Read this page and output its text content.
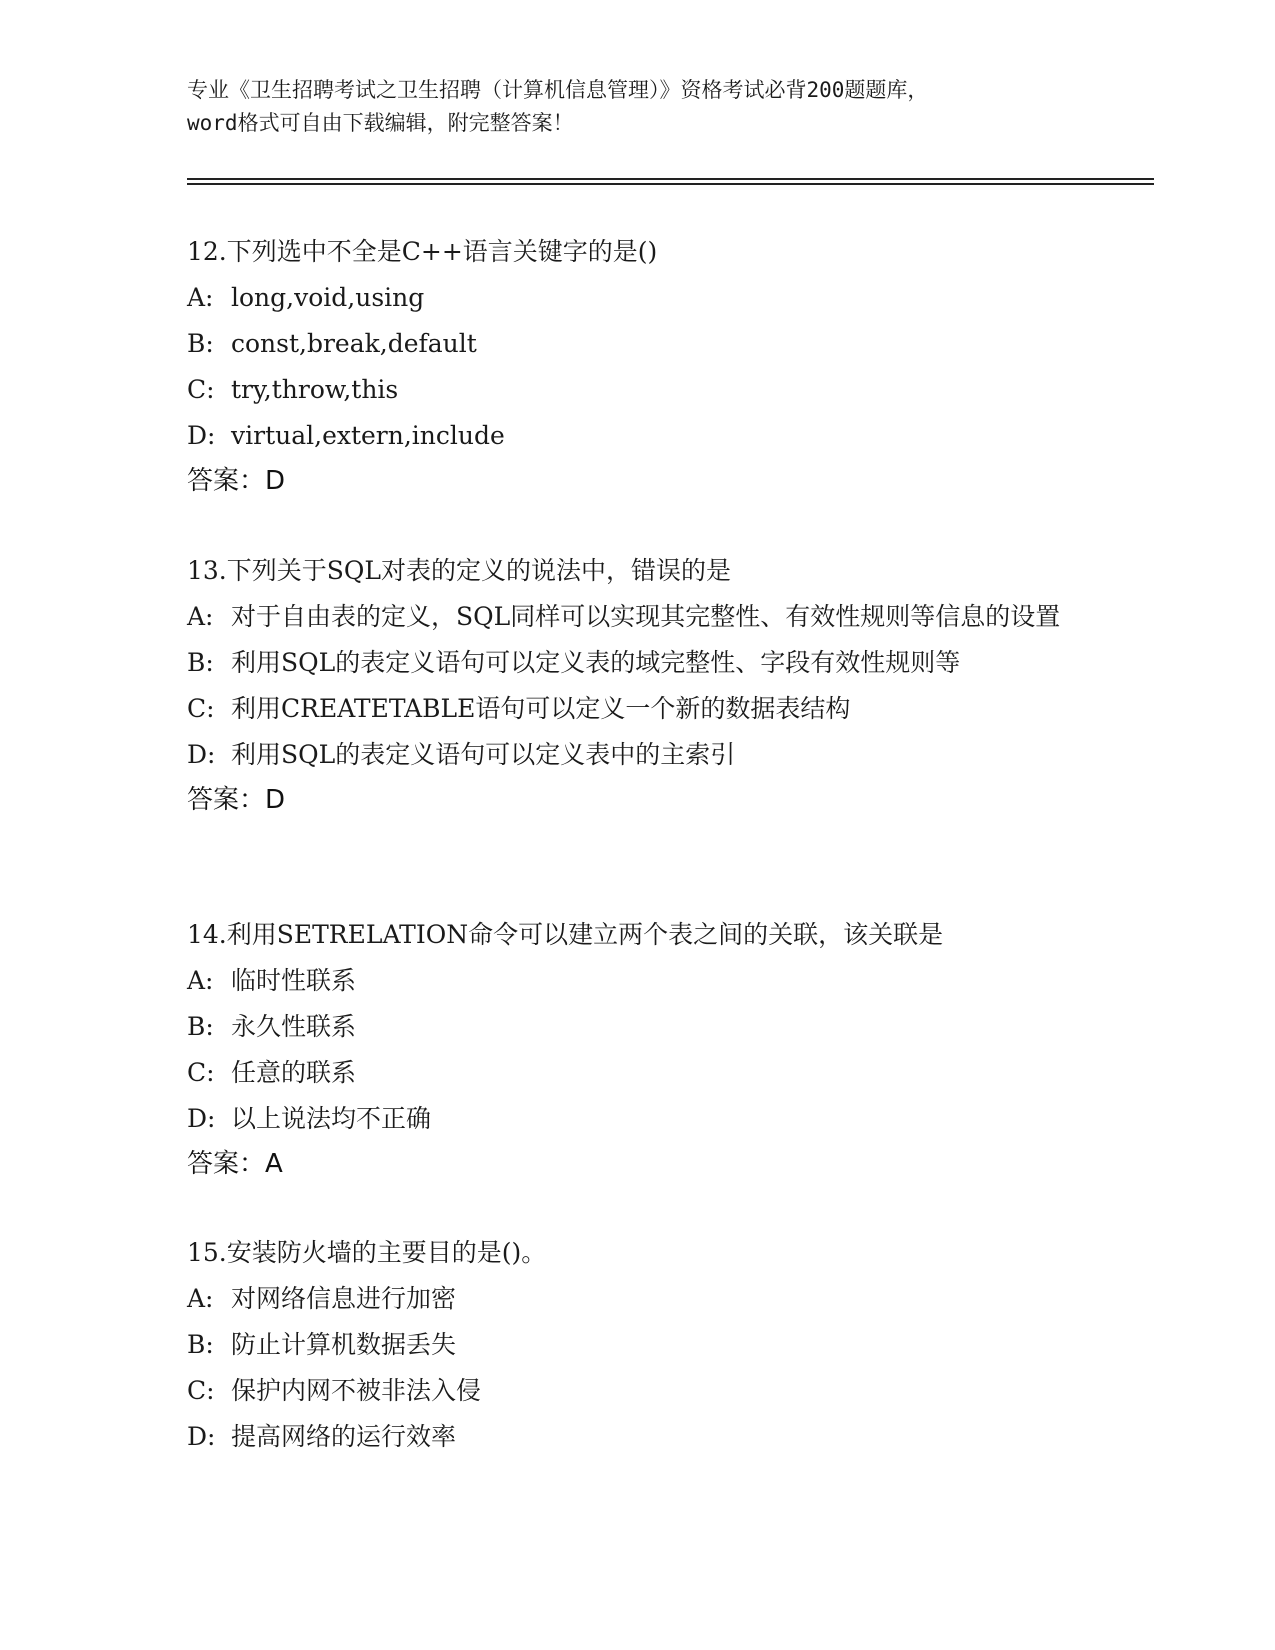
专业《卫生招聘考试之卫生招聘（计算机信息管理）》资格考试必背200题题库，
word格式可自由下载编辑，附完整答案！
12.下列选中不全是C++语言关键字的是()
A: long,void,using
B: const,break,default
C: try,throw,this
D: virtual,extern,include
答案：D
13.下列关于SQL对表的定义的说法中，错误的是
A: 对于自由表的定义，SQL同样可以实现其完整性、有效性规则等信息的设置
B: 利用SQL的表定义语句可以定义表的域完整性、字段有效性规则等
C: 利用CREATETABLE语句可以定义一个新的数据表结构
D: 利用SQL的表定义语句可以定义表中的主索引
答案：D
14.利用SETRELATION命令可以建立两个表之间的关联，该关联是
A: 临时性联系
B: 永久性联系
C: 任意的联系
D: 以上说法均不正确
答案：A
15.安装防火墙的主要目的是()。
A: 对网络信息进行加密
B: 防止计算机数据丢失
C: 保护内网不被非法入侵
D: 提高网络的运行效率
